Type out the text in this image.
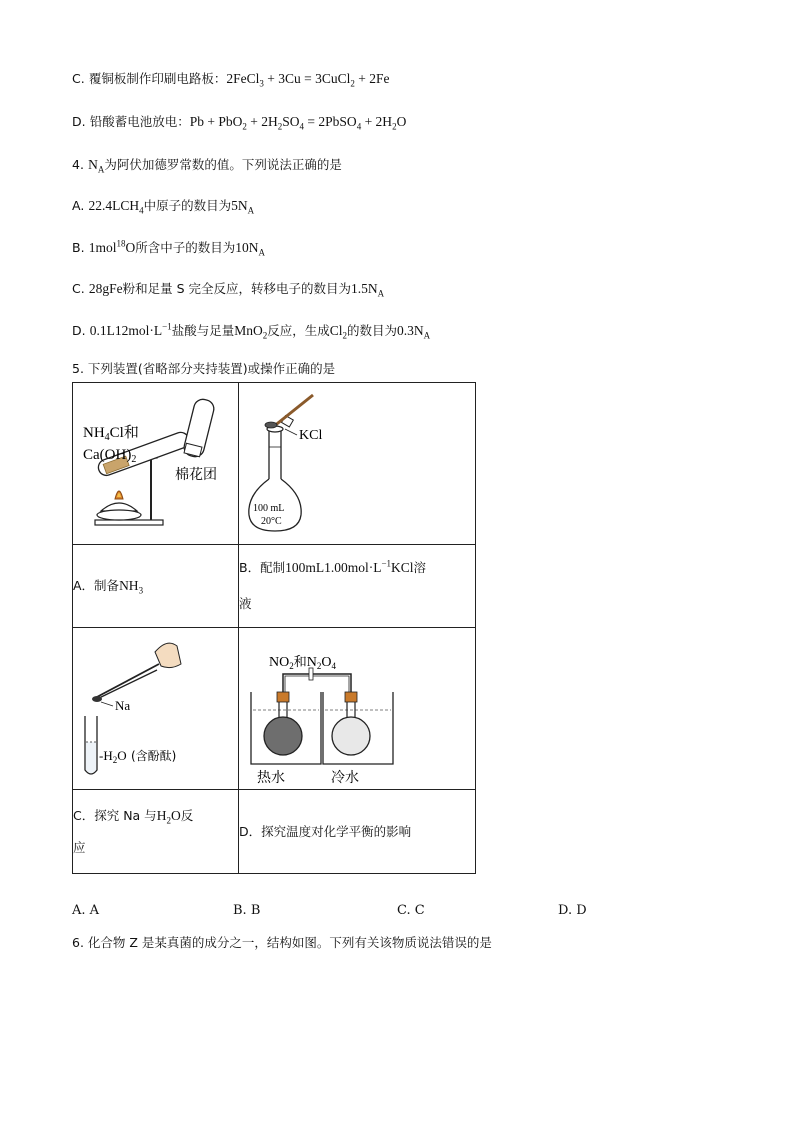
C. 覆铜板制作印刷电路板：2FeCl$_3$ + 3Cu = 3CuCl$_2$ + 2Fe
D. 铅酸蓄电池放电：$Pb + PbO_2 + 2H_2SO_4$ = 2PbSO$_4$ + $2H_2O$
4. $N_A$为阿伏加德罗常数的值。下列说法正确的是
A. $22.4LCH_4$中原子的数目为$5N_A$
B. 1mol$^{18}$O所含中子的数目为$10N_A$
C. 28gFe粉和足量 S 完全反应，转移电子的数目为$1.5N_A$
D. $0.1L12mol\cdot L^{-1}$盐酸与足量MnO$_2$反应，生成$Cl_2$的数目为$0.3N_A$
5. 下列装置(省略部分夹持装置)或操作正确的是
$NH_4Cl$和
$Ca(OH)_2$
棉花团	KCl
100 mL
20°C

A．制备$NH_3$	B．配制$100mL1.00mol\cdot L^{-1}KCl$溶
液

Na
$-H_2O$ (含酚酞)	$NO_2$和$N_2O_4$
热水 冷水

C．探究 Na 与$H_2O$反
应	D．探究温度对化学平衡的影响
A. A	B. B	C. C	D. D
6. 化合物 Z 是某真菌的成分之一，结构如图。下列有关该物质说法错误的是
